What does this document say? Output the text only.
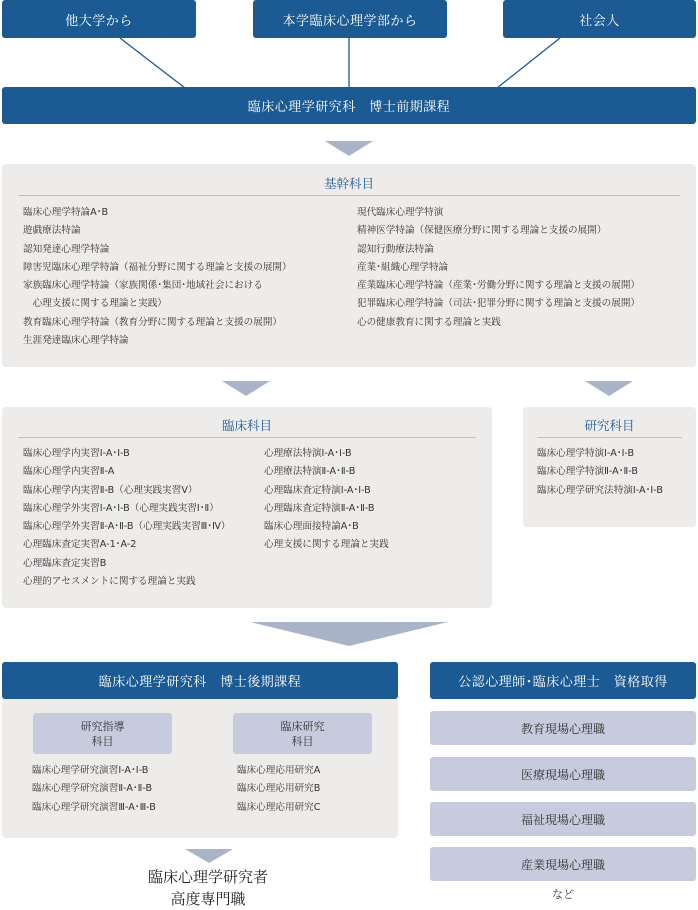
他大学から	本学臨床心理学部から	社会人
臨床心理学研究科　博士前期課程
基幹科目
臨床心理学特論A･B
遊戯療法特論
認知発達心理学特論
障害児臨床心理学特論（福祉分野に関する理論と支援の展開）
家族臨床心理学特論（家族関係･集団･地域社会における
　心理支援に関する理論と実践）
教育臨床心理学特論（教育分野に関する理論と支援の展開）
生涯発達臨床心理学特論
現代臨床心理学特演
精神医学特論（保健医療分野に関する理論と支援の展開）
認知行動療法特論
産業･組織心理学特論
産業臨床心理学特論（産業･労働分野に関する理論と支援の展開）
犯罪臨床心理学特論（司法･犯罪分野に関する理論と支援の展開）
心の健康教育に関する理論と実践
臨床科目
臨床心理学内実習Ⅰ-A･Ⅰ-B
臨床心理学内実習Ⅱ-A
臨床心理学内実習Ⅱ-B（心理実践実習Ⅴ）
臨床心理学外実習Ⅰ-A･Ⅰ-B（心理実践実習Ⅰ･Ⅱ）
臨床心理学外実習Ⅱ-A･Ⅱ-B（心理実践実習Ⅲ･Ⅳ）
心理臨床査定実習A-1･A-2
心理臨床査定実習B
心理的アセスメントに関する理論と実践
心理療法特演Ⅰ-A･Ⅰ-B
心理療法特演Ⅱ-A･Ⅱ-B
心理臨床査定特演Ⅰ-A･Ⅰ-B
心理臨床査定特演Ⅱ-A･Ⅱ-B
臨床心理面接特論A･B
心理支援に関する理論と実践
研究科目
臨床心理学特演Ⅰ-A･Ⅰ-B
臨床心理学特演Ⅱ-A･Ⅱ-B
臨床心理学研究法特演Ⅰ-A･Ⅰ-B
臨床心理学研究科　博士後期課程
研究指導
科目
臨床研究
科目
臨床心理学研究演習Ⅰ-A･Ⅰ-B
臨床心理学研究演習Ⅱ-A･Ⅱ-B
臨床心理学研究演習Ⅲ-A･Ⅲ-B
臨床心理応用研究A
臨床心理応用研究B
臨床心理応用研究C
臨床心理学研究者
高度専門職
公認心理師･臨床心理士　資格取得
教育現場心理職
医療現場心理職
福祉現場心理職
産業現場心理職
など
